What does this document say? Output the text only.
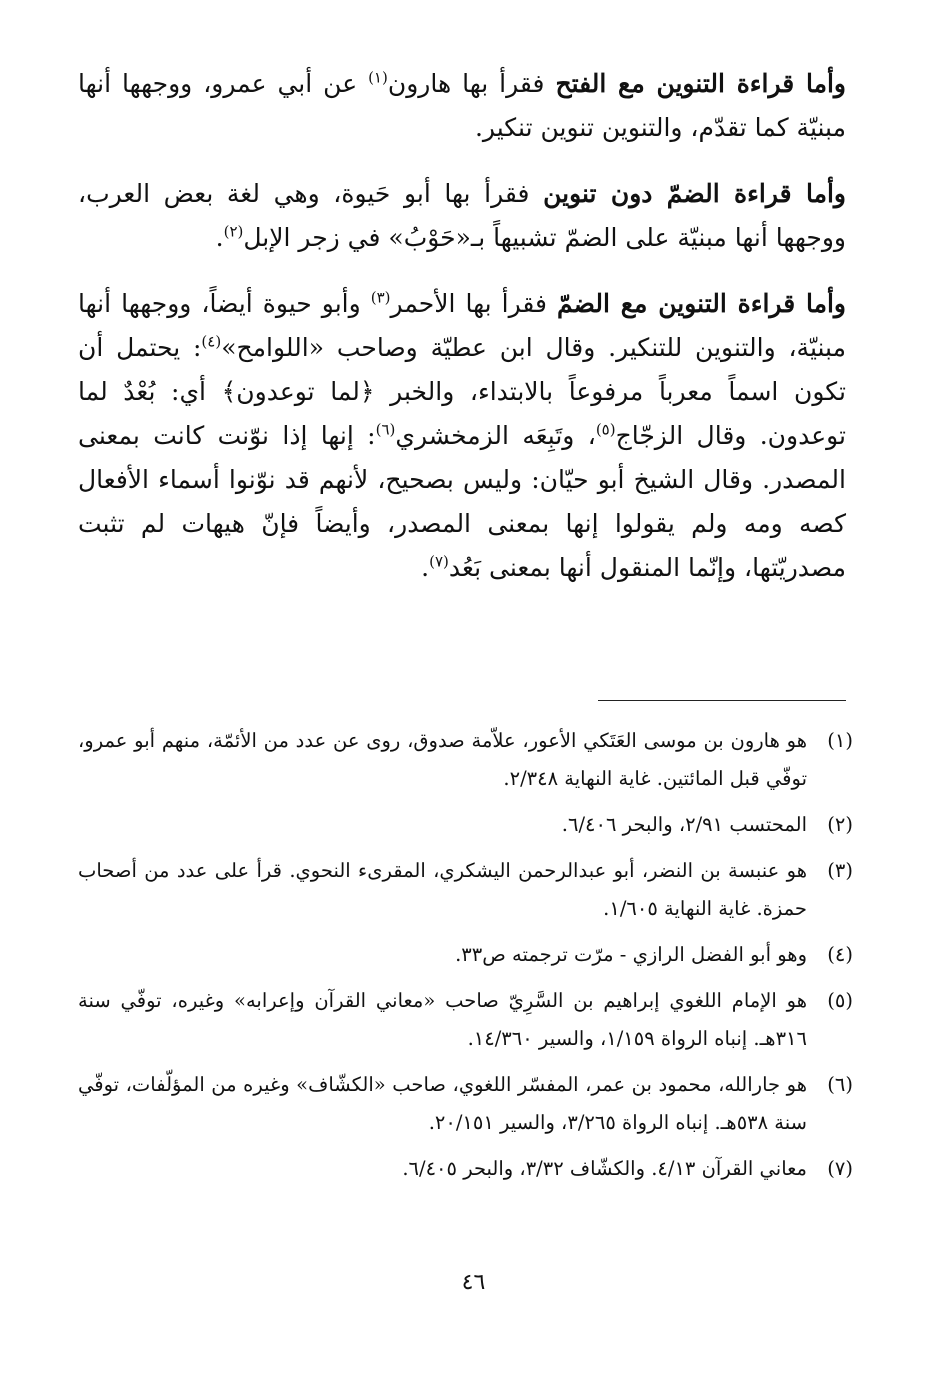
وأما قراءة التنوين مع الفتح فقرأ بها هارون$^{(١)}$ عن أبي عمرو، ووجهها أنها مبنيّة كما تقدّم، والتنوين تنوين تنكير.

وأما قراءة الضمّ دون تنوين فقرأ بها أبو حَيوة، وهي لغة بعض العرب، ووجهها أنها مبنيّة على الضمّ تشبيهاً بـ«حَوْبُ» في زجر الإبل$^{(٢)}$.

وأما قراءة التنوين مع الضمّ فقرأ بها الأحمر$^{(٣)}$ وأبو حيوة أيضاً، ووجهها أنها مبنيّة، والتنوين للتنكير. وقال ابن عطيّة وصاحب «اللوامح»$^{(٤)}$: يحتمل أن تكون اسماً معرباً مرفوعاً بالابتداء، والخبر ﴿لما توعدون﴾ أي: بُعْدٌ لما توعدون. وقال الزجّاج$^{(٥)}$، وتَبِعَه الزمخشري$^{(٦)}$: إنها إذا نوّنت كانت بمعنى المصدر. وقال الشيخ أبو حيّان: وليس بصحيح، لأنهم قد نوّنوا أسماء الأفعال كصه ومه ولم يقولوا إنها بمعنى المصدر، وأيضاً فإنّ هيهات لم تثبت مصدريّتها، وإنّما المنقول أنها بمعنى بَعُد$^{(٧)}$.

(١)
هو هارون بن موسى العَتَكي الأعور، علاّمة صدوق، روى عن عدد من الأئمّة، منهم أبو عمرو، توفّي قبل المائتين. غاية النهاية ٢/٣٤٨.
(٢)
المحتسب ٢/٩١، والبحر ٦/٤٠٦.
(٣)
هو عنبسة بن النضر، أبو عبدالرحمن اليشكري، المقرىء النحوي. قرأ على عدد من أصحاب حمزة. غاية النهاية ١/٦٠٥.
(٤)
وهو أبو الفضل الرازي - مرّت ترجمته ص٣٣.
(٥)
هو الإمام اللغوي إبراهيم بن السَّرِيّ صاحب «معاني القرآن وإعرابه» وغيره، توفّي سنة ٣١٦هـ. إنباه الرواة ١/١٥٩، والسير ١٤/٣٦٠.
(٦)
هو جارالله، محمود بن عمر، المفسّر اللغوي، صاحب «الكشّاف» وغيره من المؤلّفات، توفّي سنة ٥٣٨هـ. إنباه الرواة ٣/٢٦٥، والسير ٢٠/١٥١.
(٧)
معاني القرآن ٤/١٣. والكشّاف ٣/٣٢، والبحر ٦/٤٠٥.
٤٦
